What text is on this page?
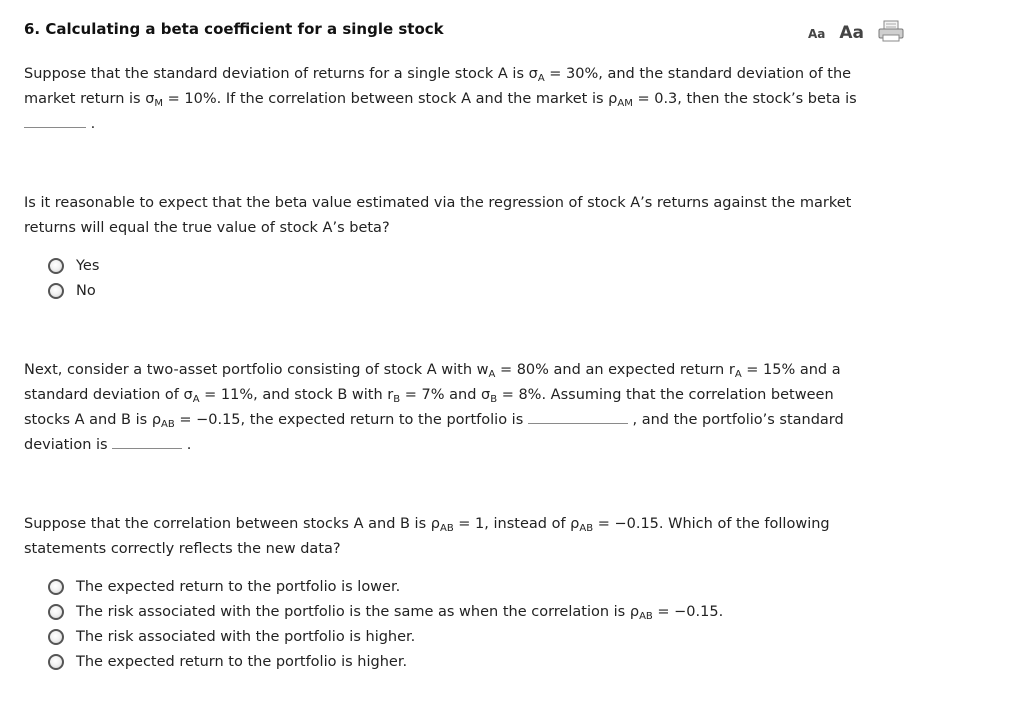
6. Calculating a beta coefficient for a single stock	Aa Aa

Suppose that the standard deviation of returns for a single stock A is $\sigma_A = 30\%$, and the standard deviation of the
market return is $\sigma_M = 10\%$. If the correlation between stock A and the market is $\rho_{AM} = 0.3$, then the stock’s beta is
.

Is it reasonable to expect that the beta value estimated via the regression of stock A’s returns against the market
returns will equal the true value of stock A’s beta?

Yes
No

Next, consider a two-asset portfolio consisting of stock A with $w_A = 80\%$ and an expected return $r_A = 15\%$ and a
standard deviation of $\sigma_A = 11\%$, and stock B with $r_B = 7\%$ and $\sigma_B = 8\%$. Assuming that the correlation between
stocks A and B is $\rho_{AB} = -0.15$, the expected return to the portfolio is	, and the portfolio’s standard
deviation is	.

Suppose that the correlation between stocks A and B is $\rho_{AB} = 1$, instead of $\rho_{AB} = -0.15$. Which of the following
statements correctly reflects the new data?

The expected return to the portfolio is lower.
The risk associated with the portfolio is the same as when the correlation is $\rho_{AB} = -0.15$.
The risk associated with the portfolio is higher.
The expected return to the portfolio is higher.
